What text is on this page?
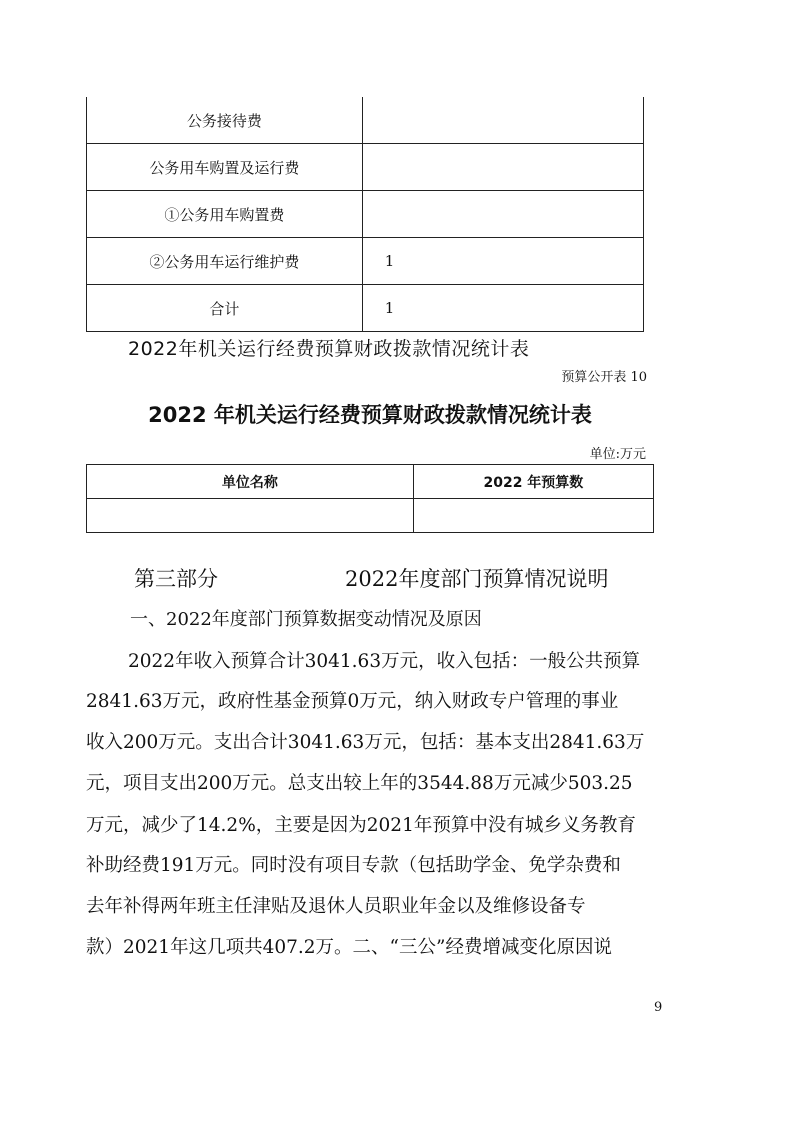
公务接待费	
公务用车购置及运行费	
①公务用车购置费	
②公务用车运行维护费	1
合计	1
2022年机关运行经费预算财政拨款情况统计表
预算公开表 10
2022 年机关运行经费预算财政拨款情况统计表
单位:万元
单位名称	2022 年预算数

第三部分	2022年度部门预算情况说明
一、2022年度部门预算数据变动情况及原因
2022年收入预算合计3041.63万元，收入包括：一般公共预算
2841.63万元，政府性基金预算0万元，纳入财政专户管理的事业
收入200万元。支出合计3041.63万元，包括：基本支出2841.63万
元，项目支出200万元。总支出较上年的3544.88万元减少503.25
万元，减少了14.2%，主要是因为2021年预算中没有城乡义务教育
补助经费191万元。同时没有项目专款（包括助学金、免学杂费和
去年补得两年班主任津贴及退休人员职业年金以及维修设备专
款）2021年这几项共407.2万。二、“三公”经费增减变化原因说
9
